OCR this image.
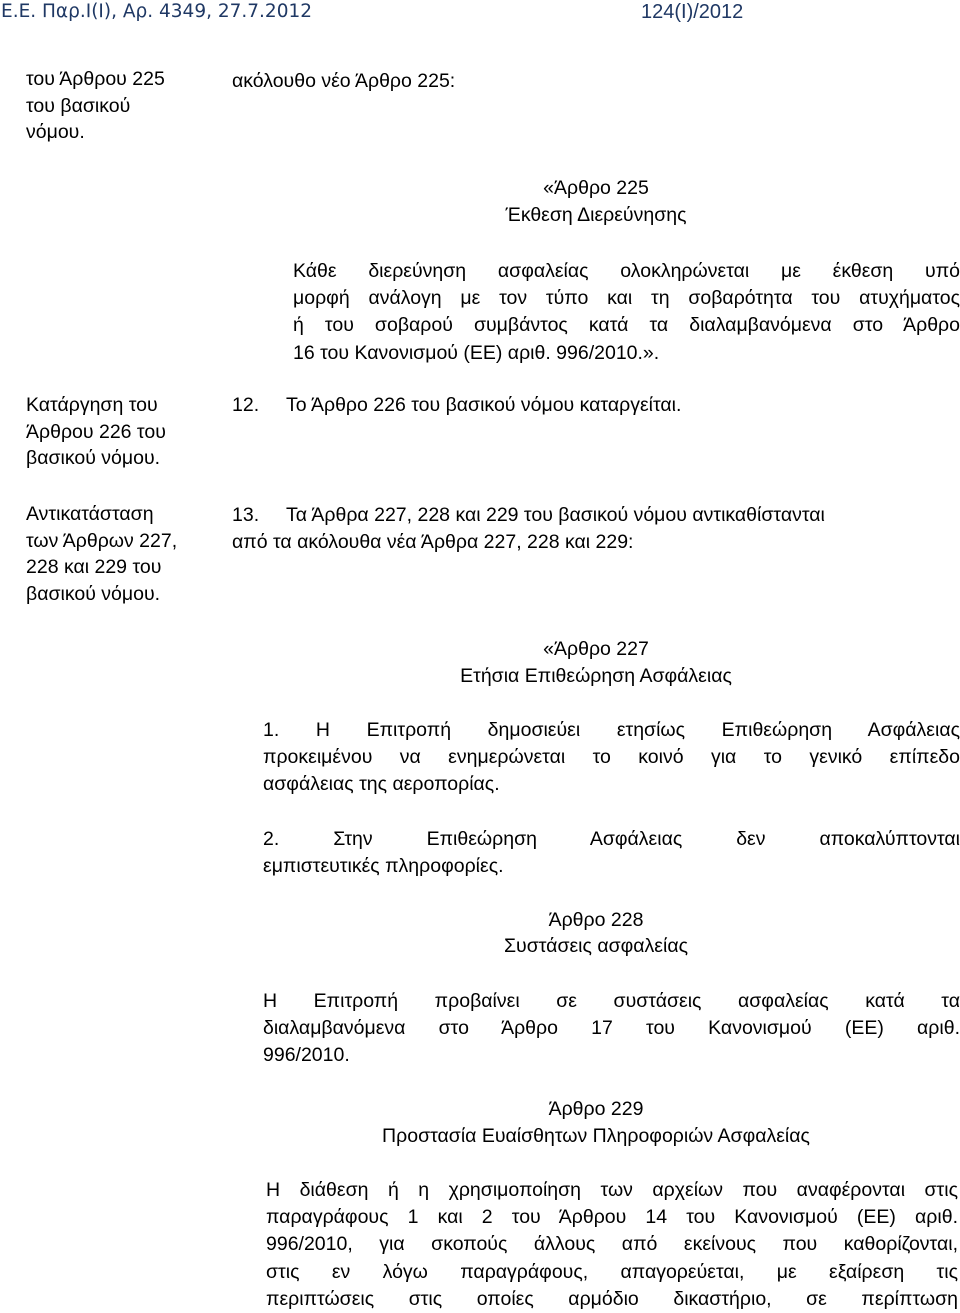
Ε.Ε. Παρ.Ι(Ι), Αρ. 4349, 27.7.2012	124(Ι)/2012
του Άρθρου 225
του βασικού
νόμου.
Κατάργηση του
Άρθρου 226 του
βασικού νόμου.
Αντικατάσταση
των Άρθρων 227,
228 και 229 του
βασικού νόμου.
ακόλουθο νέο Άρθρο 225:
«Άρθρο 225
Έκθεση Διερεύνησης
Κάθε διερεύνηση ασφαλείας ολοκληρώνεται με έκθεση υπό
μορφή ανάλογη με τον τύπο και τη σοβαρότητα του ατυχήματος
ή του σοβαρού συμβάντος κατά τα διαλαμβανόμενα στο Άρθρο
16 του Κανονισμού (ΕΕ) αριθ. 996/2010.».
12. Το Άρθρο 226 του βασικού νόμου καταργείται.
13. Τα Άρθρα 227, 228 και 229 του βασικού νόμου αντικαθίστανται
από τα ακόλουθα νέα Άρθρα 227, 228 και 229:
«Άρθρο 227
Ετήσια Επιθεώρηση Ασφάλειας
1. Η Επιτροπή δημοσιεύει ετησίως Επιθεώρηση Ασφάλειας
προκειμένου να ενημερώνεται το κοινό για το γενικό επίπεδο
ασφάλειας της αεροπορίας.
2. Στην Επιθεώρηση Ασφάλειας δεν αποκαλύπτονται
εμπιστευτικές πληροφορίες.
Άρθρο 228
Συστάσεις ασφαλείας
Η Επιτροπή προβαίνει σε συστάσεις ασφαλείας κατά τα
διαλαμβανόμενα στο Άρθρο 17 του Κανονισμού (ΕΕ) αριθ.
996/2010.
Άρθρο 229
Προστασία Ευαίσθητων Πληροφοριών Ασφαλείας
Η διάθεση ή η χρησιμοποίηση των αρχείων που αναφέρονται στις
παραγράφους 1 και 2 του Άρθρου 14 του Κανονισμού (ΕΕ) αριθ.
996/2010, για σκοπούς άλλους από εκείνους που καθορίζονται,
στις εν λόγω παραγράφους, απαγορεύεται, με εξαίρεση τις
περιπτώσεις στις οποίες αρμόδιο δικαστήριο, σε περίπτωση
